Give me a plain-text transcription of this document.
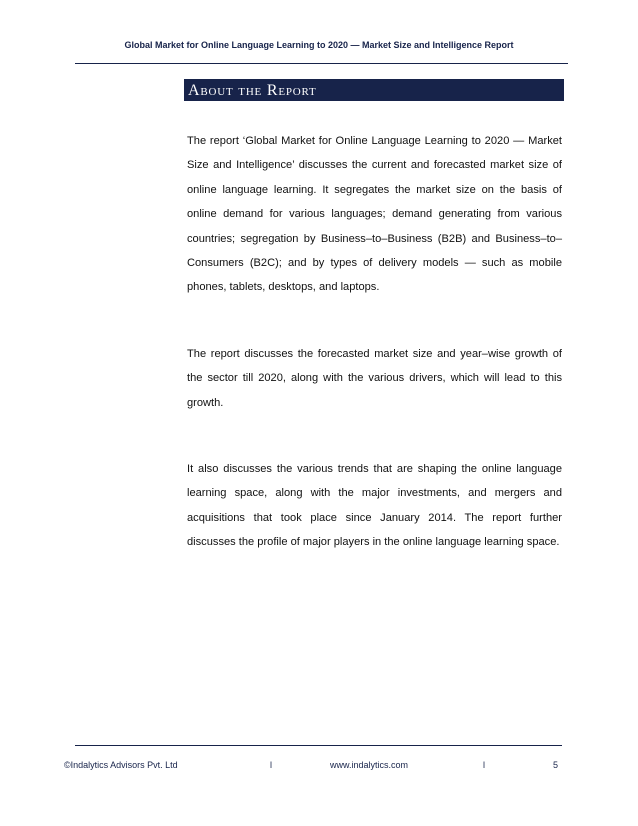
Global Market for Online Language Learning to 2020 — Market Size and Intelligence Report
About the Report

The report ‘Global Market for Online Language Learning to 2020 — Market Size and Intelligence’ discusses the current and forecasted market size of online language learning. It segregates the market size on the basis of online demand for various languages; demand generating from various countries; segregation by Business–to–Business (B2B) and Business–to–Consumers (B2C); and by types of delivery models — such as mobile phones, tablets, desktops, and laptops.

The report discusses the forecasted market size and year–wise growth of the sector till 2020, along with the various drivers, which will lead to this growth.

It also discusses the various trends that are shaping the online language learning space, along with the major investments, and mergers and acquisitions that took place since January 2014. The report further discusses the profile of major players in the online language learning space.

©Indalytics Advisors Pvt. Ltd	l	www.indalytics.com	l	5
